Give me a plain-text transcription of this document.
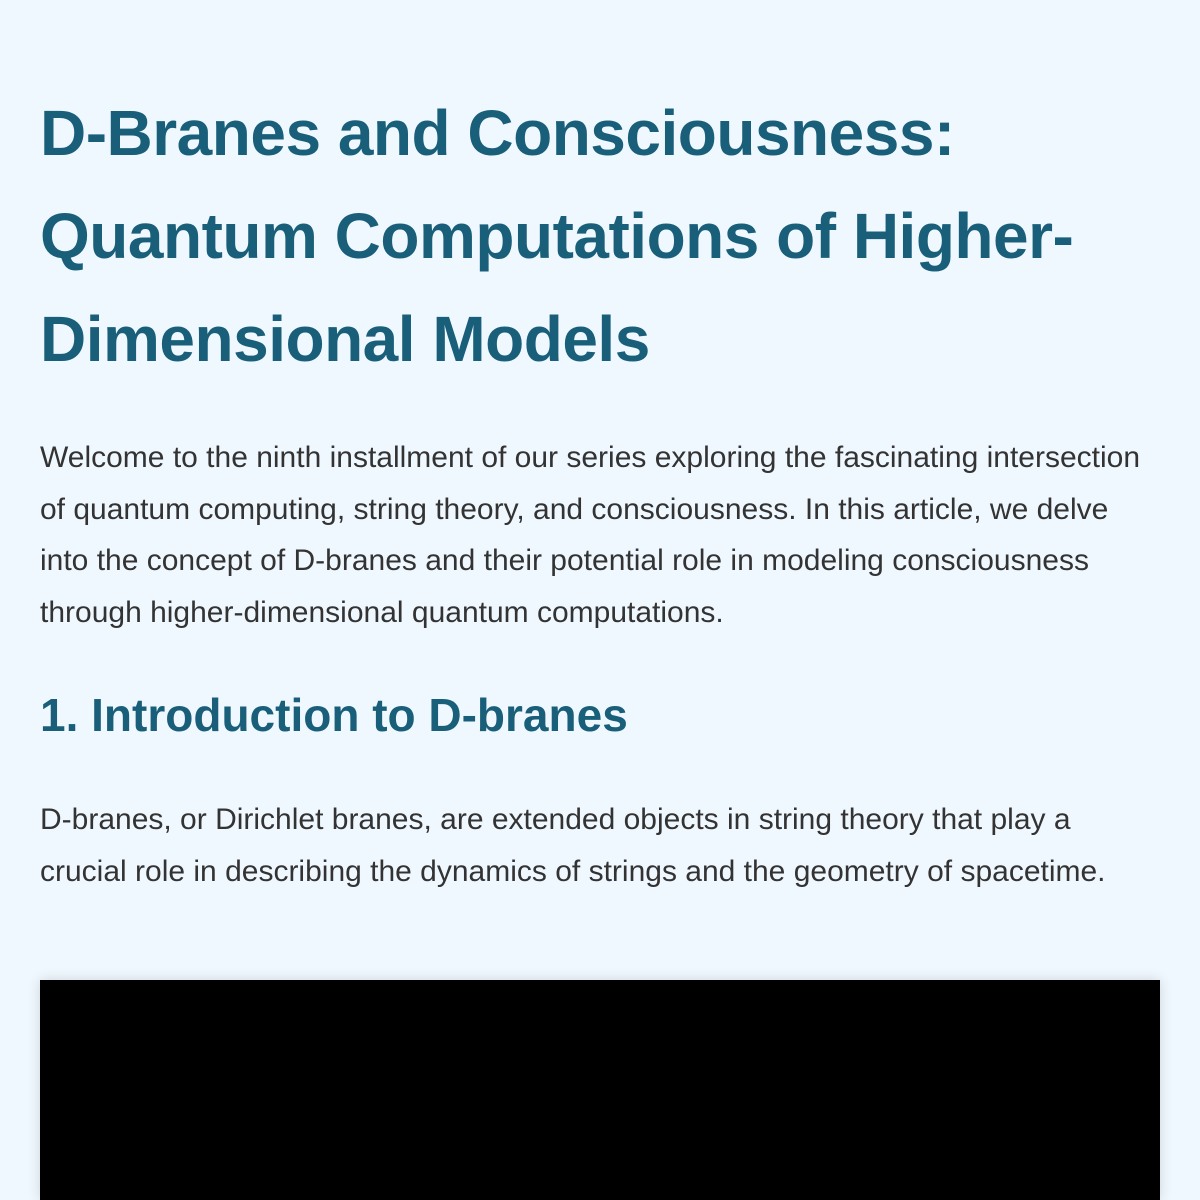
D-Branes and Consciousness: Quantum Computations of Higher-Dimensional Models

Welcome to the ninth installment of our series exploring the fascinating intersection of quantum computing, string theory, and consciousness. In this article, we delve into the concept of D-branes and their potential role in modeling consciousness through higher-dimensional quantum computations.

1. Introduction to D-branes

D-branes, or Dirichlet branes, are extended objects in string theory that play a crucial role in describing the dynamics of strings and the geometry of spacetime.
